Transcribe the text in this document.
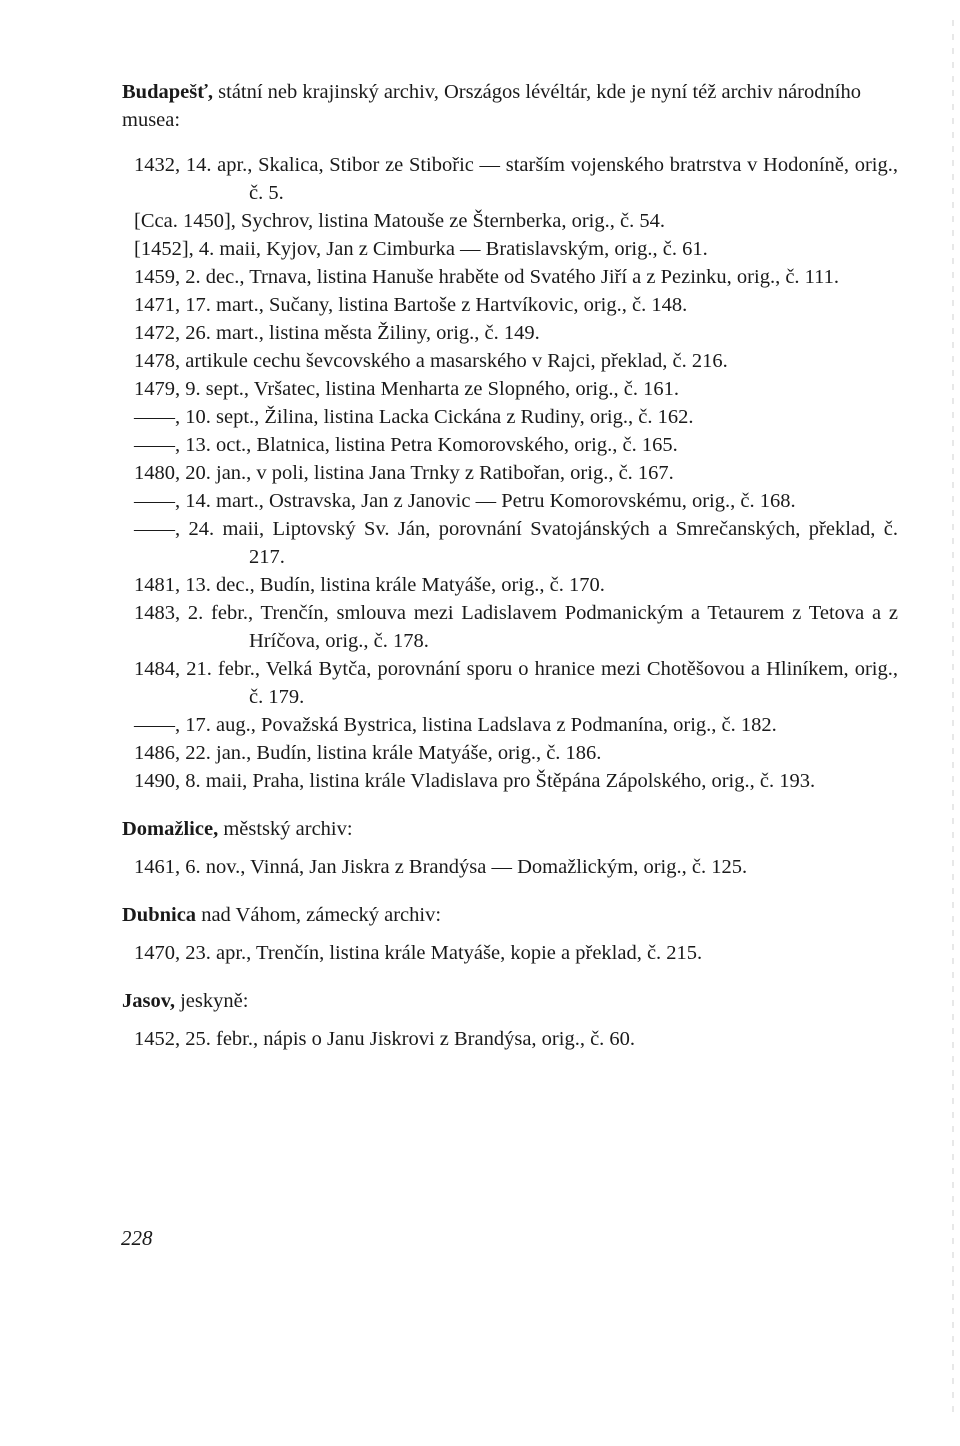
Budapešť, státní neb krajinský archiv, Országos lévéltár, kde je nyní též archiv národního musea:

1432, 14. apr., Skalica, Stibor ze Stibořic — starším vojenského bratrstva v Hodoníně, orig., č. 5.
[Cca. 1450], Sychrov, listina Matouše ze Šternberka, orig., č. 54.
[1452], 4. maii, Kyjov, Jan z Cimburka — Bratislavským, orig., č. 61.
1459, 2. dec., Trnava, listina Hanuše hraběte od Svatého Jiří a z Pezinku, orig., č. 111.
1471, 17. mart., Sučany, listina Bartoše z Hartvíkovic, orig., č. 148.
1472, 26. mart., listina města Žiliny, orig., č. 149.
1478, artikule cechu ševcovského a masarského v Rajci, překlad, č. 216.
1479, 9. sept., Vršatec, listina Menharta ze Slopného, orig., č. 161.
——, 10. sept., Žilina, listina Lacka Cickána z Rudiny, orig., č. 162.
——, 13. oct., Blatnica, listina Petra Komorovského, orig., č. 165.
1480, 20. jan., v poli, listina Jana Trnky z Ratibořan, orig., č. 167.
——, 14. mart., Ostravska, Jan z Janovic — Petru Komorovskému, orig., č. 168.
——, 24. maii, Liptovský Sv. Ján, porovnání Svatojánských a Smrečanských, překlad, č. 217.
1481, 13. dec., Budín, listina krále Matyáše, orig., č. 170.
1483, 2. febr., Trenčín, smlouva mezi Ladislavem Podmanickým a Tetaurem z Tetova a z Hríčova, orig., č. 178.
1484, 21. febr., Velká Bytča, porovnání sporu o hranice mezi Chotěšovou a Hliníkem, orig., č. 179.
——, 17. aug., Považská Bystrica, listina Ladslava z Podmanína, orig., č. 182.
1486, 22. jan., Budín, listina krále Matyáše, orig., č. 186.
1490, 8. maii, Praha, listina krále Vladislava pro Štěpána Zápolského, orig., č. 193.

Domažlice, městský archiv:

1461, 6. nov., Vinná, Jan Jiskra z Brandýsa — Domažlickým, orig., č. 125.

Dubnica nad Váhom, zámecký archiv:

1470, 23. apr., Trenčín, listina krále Matyáše, kopie a překlad, č. 215.

Jasov, jeskyně:

1452, 25. febr., nápis o Janu Jiskrovi z Brandýsa, orig., č. 60.
228
